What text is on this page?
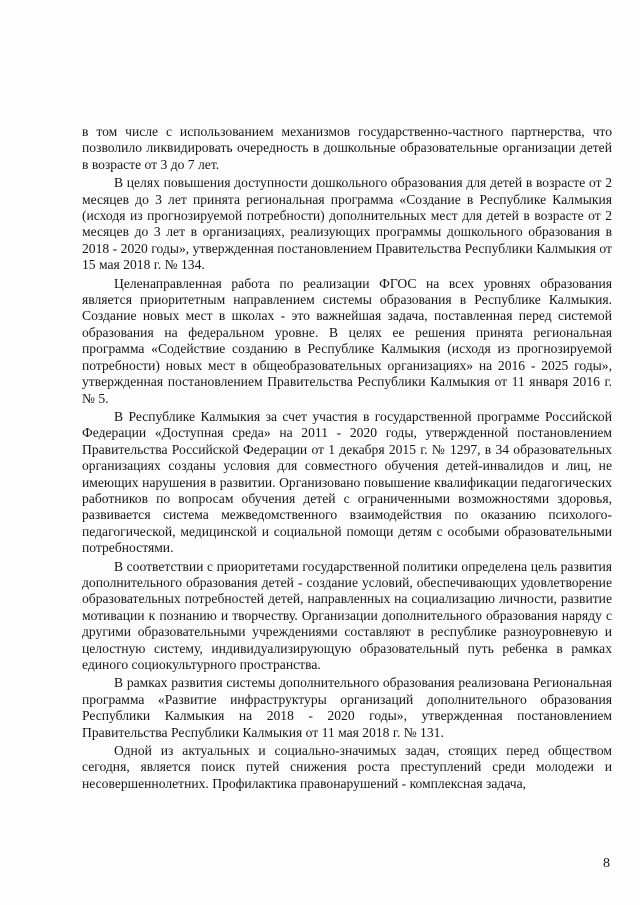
в том числе с использованием механизмов государственно-частного партнерства, что позволило ликвидировать очередность в дошкольные образовательные организации детей в возрасте от 3 до 7 лет.

В целях повышения доступности дошкольного образования для детей в возрасте от 2 месяцев до 3 лет принята региональная программа «Создание в Республике Калмыкия (исходя из прогнозируемой потребности) дополнительных мест для детей в возрасте от 2 месяцев до 3 лет в организациях, реализующих программы дошкольного образования в 2018 - 2020 годы», утвержденная постановлением Правительства Республики Калмыкия от 15 мая 2018 г. № 134.

Целенаправленная работа по реализации ФГОС на всех уровнях образования является приоритетным направлением системы образования в Республике Калмыкия. Создание новых мест в школах - это важнейшая задача, поставленная перед системой образования на федеральном уровне. В целях ее решения принята региональная программа «Содействие созданию в Республике Калмыкия (исходя из прогнозируемой потребности) новых мест в общеобразовательных организациях» на 2016 - 2025 годы», утвержденная постановлением Правительства Республики Калмыкия от 11 января 2016 г. № 5.

В Республике Калмыкия за счет участия в государственной программе Российской Федерации «Доступная среда» на 2011 - 2020 годы, утвержденной постановлением Правительства Российской Федерации от 1 декабря 2015 г. № 1297, в 34 образовательных организациях созданы условия для совместного обучения детей-инвалидов и лиц, не имеющих нарушения в развитии. Организовано повышение квалификации педагогических работников по вопросам обучения детей с ограниченными возможностями здоровья, развивается система межведомственного взаимодействия по оказанию психолого-педагогической, медицинской и социальной помощи детям с особыми образовательными потребностями.

В соответствии с приоритетами государственной политики определена цель развития дополнительного образования детей - создание условий, обеспечивающих удовлетворение образовательных потребностей детей, направленных на социализацию личности, развитие мотивации к познанию и творчеству. Организации дополнительного образования наряду с другими образовательными учреждениями составляют в республике разноуровневую и целостную систему, индивидуализирующую образовательный путь ребенка в рамках единого социокультурного пространства.

В рамках развития системы дополнительного образования реализована Региональная программа «Развитие инфраструктуры организаций дополнительного образования Республики Калмыкия на 2018 - 2020 годы», утвержденная постановлением Правительства Республики Калмыкия от 11 мая 2018 г. № 131.

Одной из актуальных и социально-значимых задач, стоящих перед обществом сегодня, является поиск путей снижения роста преступлений среди молодежи и несовершеннолетних. Профилактика правонарушений - комплексная задача,

8
